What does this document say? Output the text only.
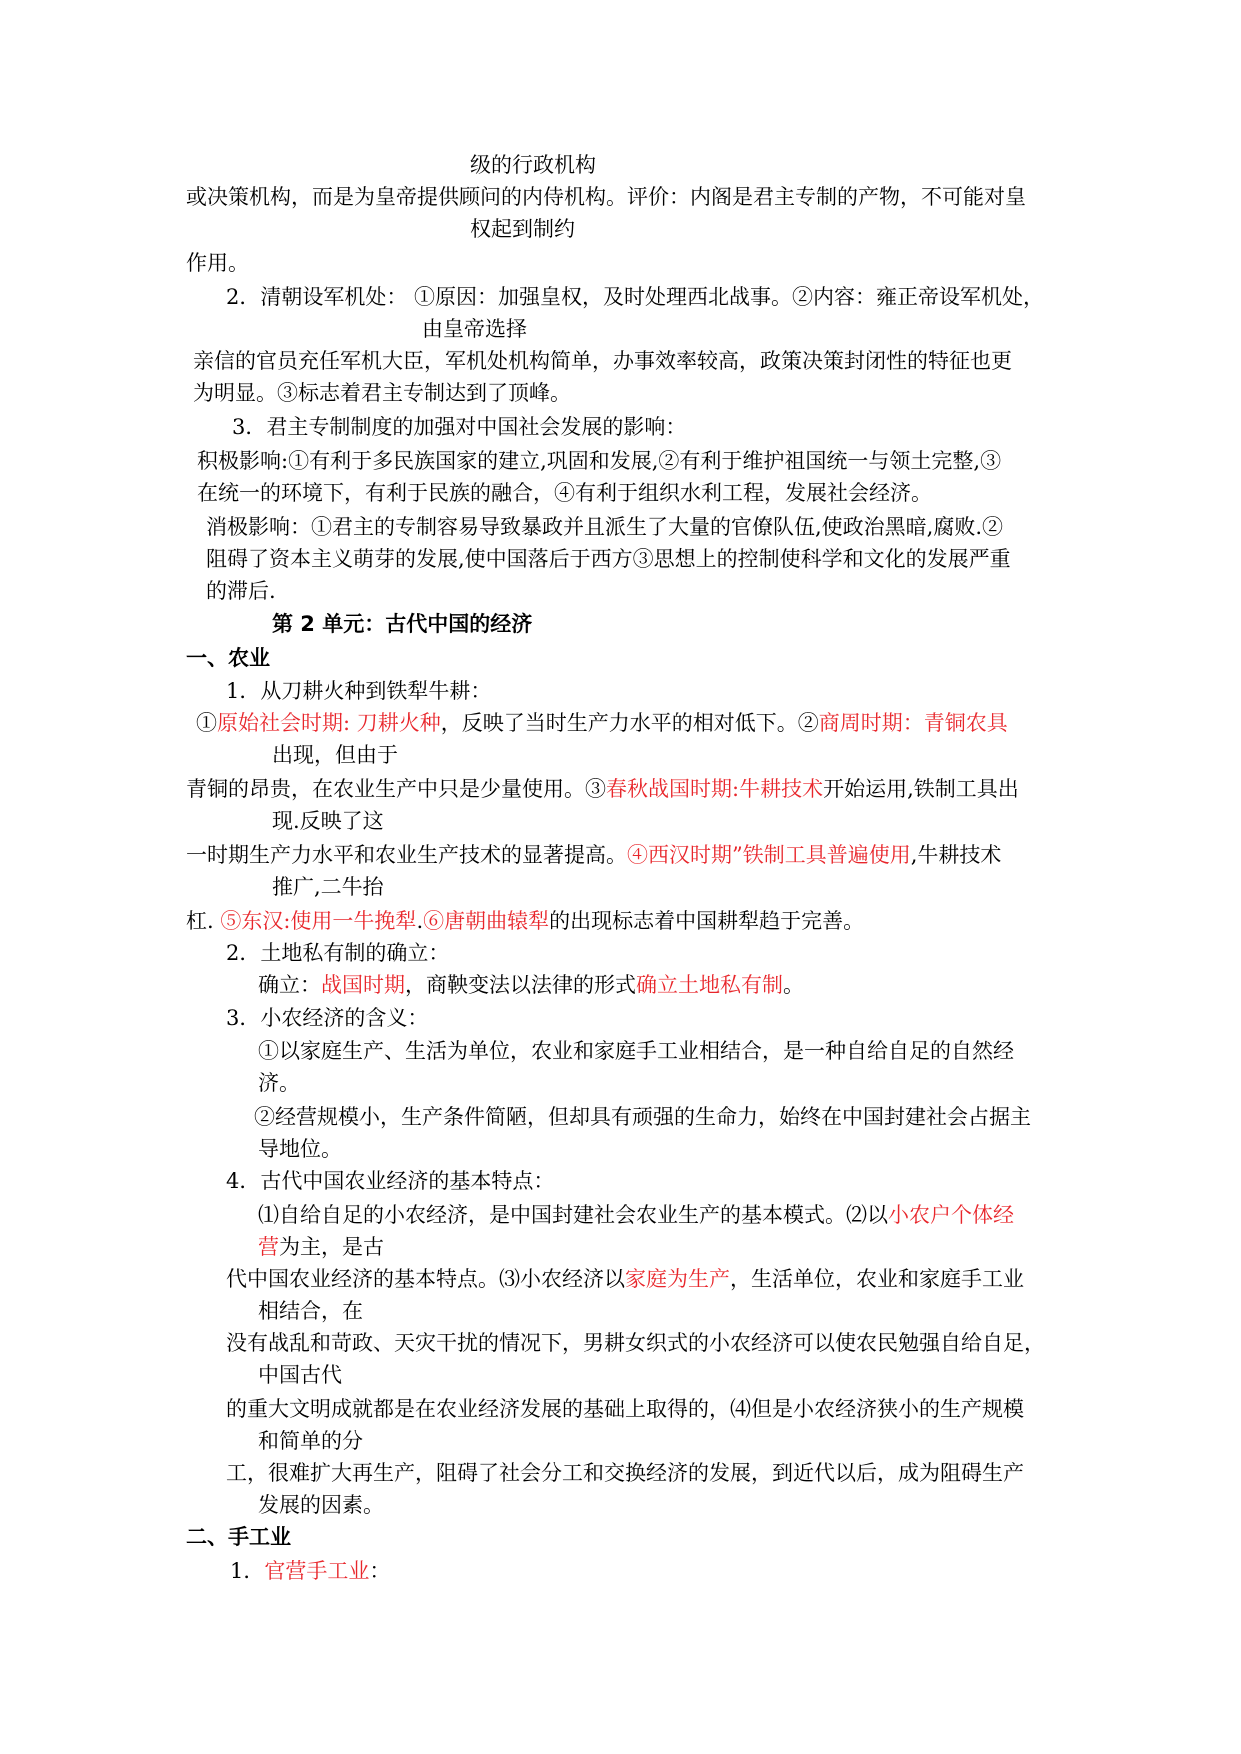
级的行政机构
或决策机构，而是为皇帝提供顾问的内侍机构。评价：内阁是君主专制的产物，不可能对皇
权起到制约
作用。
2．清朝设军机处： ①原因：加强皇权，及时处理西北战事。②内容：雍正帝设军机处，
由皇帝选择
亲信的官员充任军机大臣，军机处机构简单，办事效率较高，政策决策封闭性的特征也更
为明显。③标志着君主专制达到了顶峰。
3．君主专制制度的加强对中国社会发展的影响：
积极影响:①有利于多民族国家的建立,巩固和发展,②有利于维护祖国统一与领土完整,③
在统一的环境下，有利于民族的融合，④有利于组织水利工程，发展社会经济。
消极影响：①君主的专制容易导致暴政并且派生了大量的官僚队伍,使政治黑暗,腐败.②
阻碍了资本主义萌芽的发展,使中国落后于西方③思想上的控制使科学和文化的发展严重
的滞后.
第 2 单元：古代中国的经济
一、农业
1．从刀耕火种到铁犁牛耕：
①原始社会时期: 刀耕火种，反映了当时生产力水平的相对低下。②商周时期：青铜农具
出现，但由于
青铜的昂贵，在农业生产中只是少量使用。③春秋战国时期:牛耕技术开始运用,铁制工具出
现.反映了这
一时期生产力水平和农业生产技术的显著提高。④西汉时期”铁制工具普遍使用,牛耕技术
推广,二牛抬
杠. ⑤东汉:使用一牛挽犁.⑥唐朝曲辕犁的出现标志着中国耕犁趋于完善。
2．土地私有制的确立：
确立：战国时期，商鞅变法以法律的形式确立土地私有制。
3．小农经济的含义：
①以家庭生产、生活为单位，农业和家庭手工业相结合，是一种自给自足的自然经
济。
②经营规模小，生产条件简陋，但却具有顽强的生命力，始终在中国封建社会占据主
导地位。
4．古代中国农业经济的基本特点：
⑴自给自足的小农经济，是中国封建社会农业生产的基本模式。⑵以小农户个体经
营为主，是古
代中国农业经济的基本特点。⑶小农经济以家庭为生产，生活单位，农业和家庭手工业
相结合，在
没有战乱和苛政、天灾干扰的情况下，男耕女织式的小农经济可以使农民勉强自给自足，
中国古代
的重大文明成就都是在农业经济发展的基础上取得的，⑷但是小农经济狭小的生产规模
和简单的分
工，很难扩大再生产，阻碍了社会分工和交换经济的发展，到近代以后，成为阻碍生产
发展的因素。
二、手工业
1．官营手工业：
